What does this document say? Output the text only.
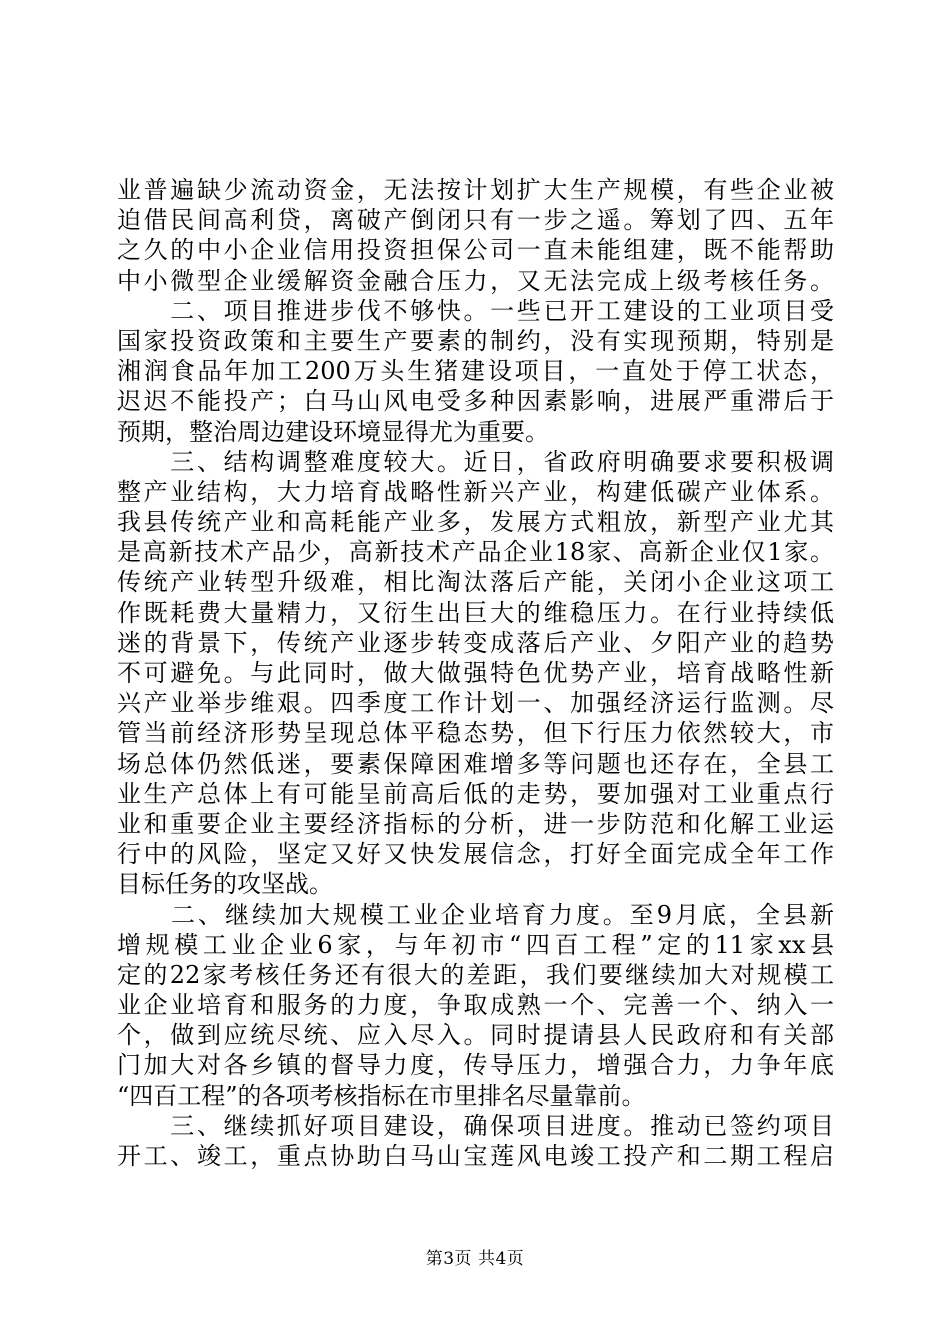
业普遍缺少流动资金，无法按计划扩大生产规模，有些企业被
迫借民间高利贷，离破产倒闭只有一步之遥。筹划了四、五年
之久的中小企业信用投资担保公司一直未能组建，既不能帮助
中小微型企业缓解资金融合压力，又无法完成上级考核任务。
　　二、项目推进步伐不够快。一些已开工建设的工业项目受
国家投资政策和主要生产要素的制约，没有实现预期，特别是
湘润食品年加工200万头生猪建设项目，一直处于停工状态，
迟迟不能投产；白马山风电受多种因素影响，进展严重滞后于
预期，整治周边建设环境显得尤为重要。
　　三、结构调整难度较大。近日，省政府明确要求要积极调
整产业结构，大力培育战略性新兴产业，构建低碳产业体系。
我县传统产业和高耗能产业多，发展方式粗放，新型产业尤其
是高新技术产品少，高新技术产品企业18家、高新企业仅1家。
传统产业转型升级难，相比淘汰落后产能，关闭小企业这项工
作既耗费大量精力，又衍生出巨大的维稳压力。在行业持续低
迷的背景下，传统产业逐步转变成落后产业、夕阳产业的趋势
不可避免。与此同时，做大做强特色优势产业，培育战略性新
兴产业举步维艰。四季度工作计划一、加强经济运行监测。尽
管当前经济形势呈现总体平稳态势，但下行压力依然较大，市
场总体仍然低迷，要素保障困难增多等问题也还存在，全县工
业生产总体上有可能呈前高后低的走势，要加强对工业重点行
业和重要企业主要经济指标的分析，进一步防范和化解工业运
行中的风险，坚定又好又快发展信念，打好全面完成全年工作
目标任务的攻坚战。
　　二、继续加大规模工业企业培育力度。至9月底，全县新
增规模工业企业6家，与年初市“四百工程”定的11家xx县
定的22家考核任务还有很大的差距，我们要继续加大对规模工
业企业培育和服务的力度，争取成熟一个、完善一个、纳入一
个，做到应统尽统、应入尽入。同时提请县人民政府和有关部
门加大对各乡镇的督导力度，传导压力，增强合力，力争年底
“四百工程”的各项考核指标在市里排名尽量靠前。
　　三、继续抓好项目建设，确保项目进度。推动已签约项目
开工、竣工，重点协助白马山宝莲风电竣工投产和二期工程启
第3页 共4页
